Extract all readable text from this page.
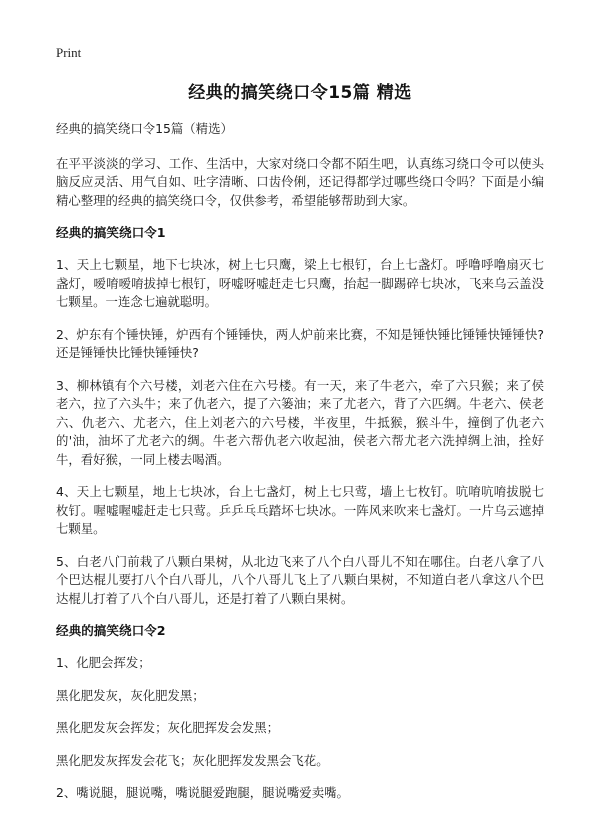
Print
经典的搞笑绕口令15篇 精选

经典的搞笑绕口令15篇（精选）

在平平淡淡的学习、工作、生活中，大家对绕口令都不陌生吧，认真练习绕口令可以使头脑反应灵活、用气自如、吐字清晰、口齿伶俐，还记得都学过哪些绕口令吗？下面是小编精心整理的经典的搞笑绕口令，仅供参考，希望能够帮助到大家。

经典的搞笑绕口令1

1、天上七颗星，地下七块冰，树上七只鹰，梁上七根钉，台上七盏灯。呼噜呼噜扇灭七盏灯，嗳唷嗳唷拔掉七根钉，呀嘘呀嘘赶走七只鹰，抬起一脚踢碎七块冰，飞来乌云盖没七颗星。一连念七遍就聪明。

2、炉东有个锤快锤，炉西有个锤锤快，两人炉前来比赛，不知是锤快锤比锤锤快锤锤快?还是锤锤快比锤快锤锤快?

3、柳林镇有个六号楼，刘老六住在六号楼。有一天，来了牛老六，牵了六只猴；来了侯老六，拉了六头牛；来了仇老六，提了六篓油；来了尤老六，背了六匹绸。牛老六、侯老六、仇老六、尤老六，住上刘老六的六号楼，半夜里，牛抵猴，猴斗牛，撞倒了仇老六的'油，油坏了尤老六的绸。牛老六帮仇老六收起油，侯老六帮尤老六洗掉绸上油，拴好牛，看好猴，一同上楼去喝酒。

4、天上七颗星，地上七块冰，台上七盏灯，树上七只莺，墙上七枚钉。吭唷吭唷拔脱七枚钉。喔嘘喔嘘赶走七只莺。乒乒乓乓踏坏七块冰。一阵风来吹来七盏灯。一片乌云遮掉七颗星。

5、白老八门前栽了八颗白果树，从北边飞来了八个白八哥儿不知在哪住。白老八拿了八个巴达棍儿要打八个白八哥儿，八个八哥儿飞上了八颗白果树，不知道白老八拿这八个巴达棍儿打着了八个白八哥儿，还是打着了八颗白果树。

经典的搞笑绕口令2

1、化肥会挥发；

黑化肥发灰，灰化肥发黑；

黑化肥发灰会挥发；灰化肥挥发会发黑；

黑化肥发灰挥发会花飞；灰化肥挥发发黑会飞花。

2、嘴说腿，腿说嘴，嘴说腿爱跑腿，腿说嘴爱卖嘴。
